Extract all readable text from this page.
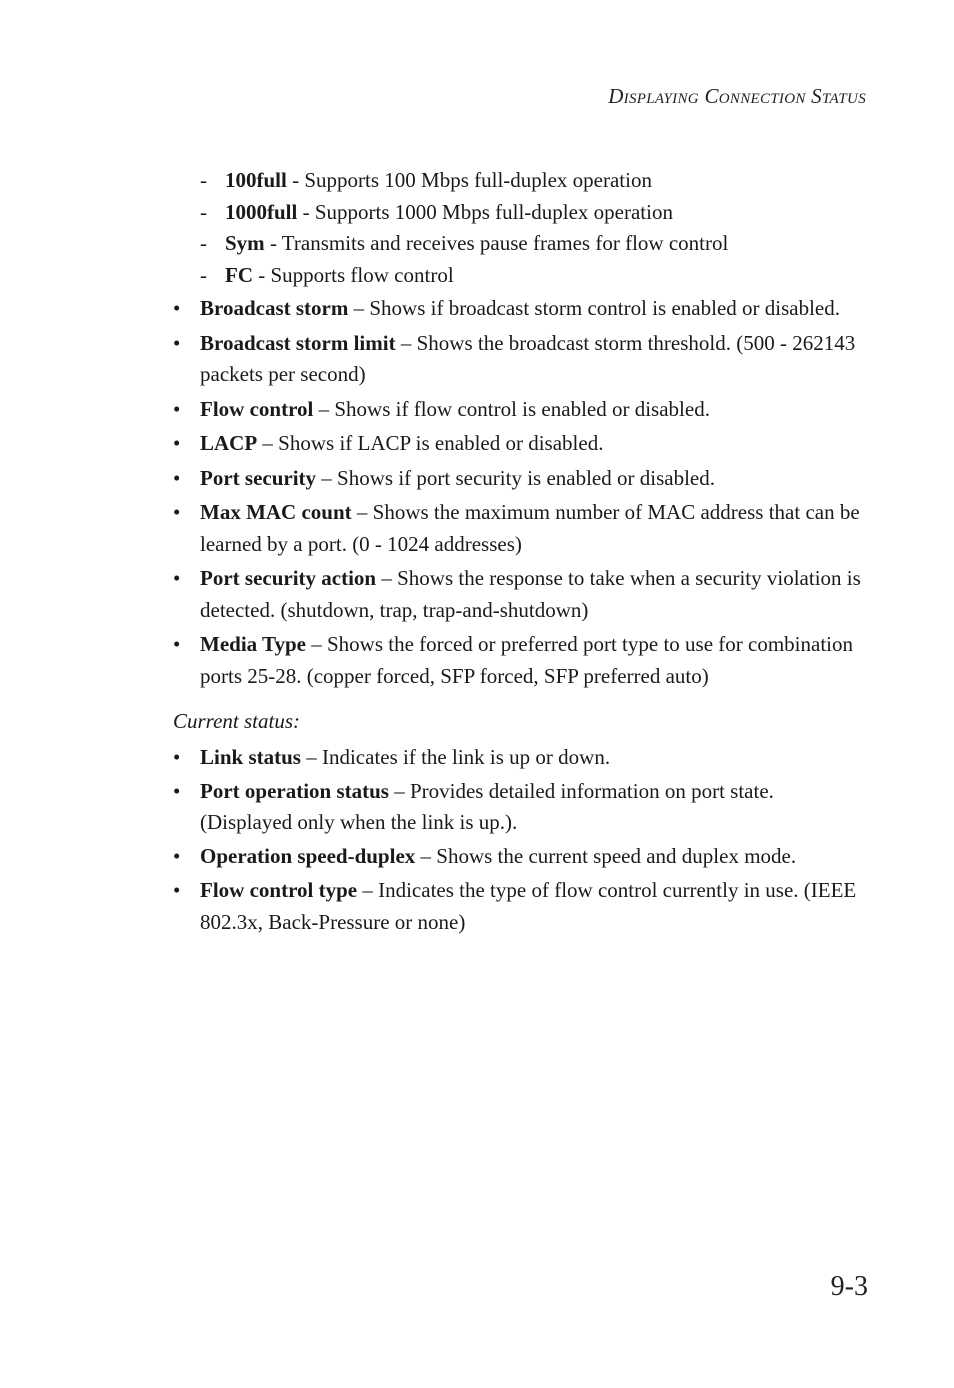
Displaying Connection Status
- 100full - Supports 100 Mbps full-duplex operation
- 1000full - Supports 1000 Mbps full-duplex operation
- Sym - Transmits and receives pause frames for flow control
- FC - Supports flow control
• Broadcast storm – Shows if broadcast storm control is enabled or disabled.
• Broadcast storm limit – Shows the broadcast storm threshold. (500 - 262143 packets per second)
• Flow control – Shows if flow control is enabled or disabled.
• LACP – Shows if LACP is enabled or disabled.
• Port security – Shows if port security is enabled or disabled.
• Max MAC count – Shows the maximum number of MAC address that can be learned by a port. (0 - 1024 addresses)
• Port security action – Shows the response to take when a security violation is detected. (shutdown, trap, trap-and-shutdown)
• Media Type – Shows the forced or preferred port type to use for combination ports 25-28. (copper forced, SFP forced, SFP preferred auto)
Current status:
• Link status – Indicates if the link is up or down.
• Port operation status – Provides detailed information on port state. (Displayed only when the link is up.).
• Operation speed-duplex – Shows the current speed and duplex mode.
• Flow control type – Indicates the type of flow control currently in use. (IEEE 802.3x, Back-Pressure or none)
9-3
